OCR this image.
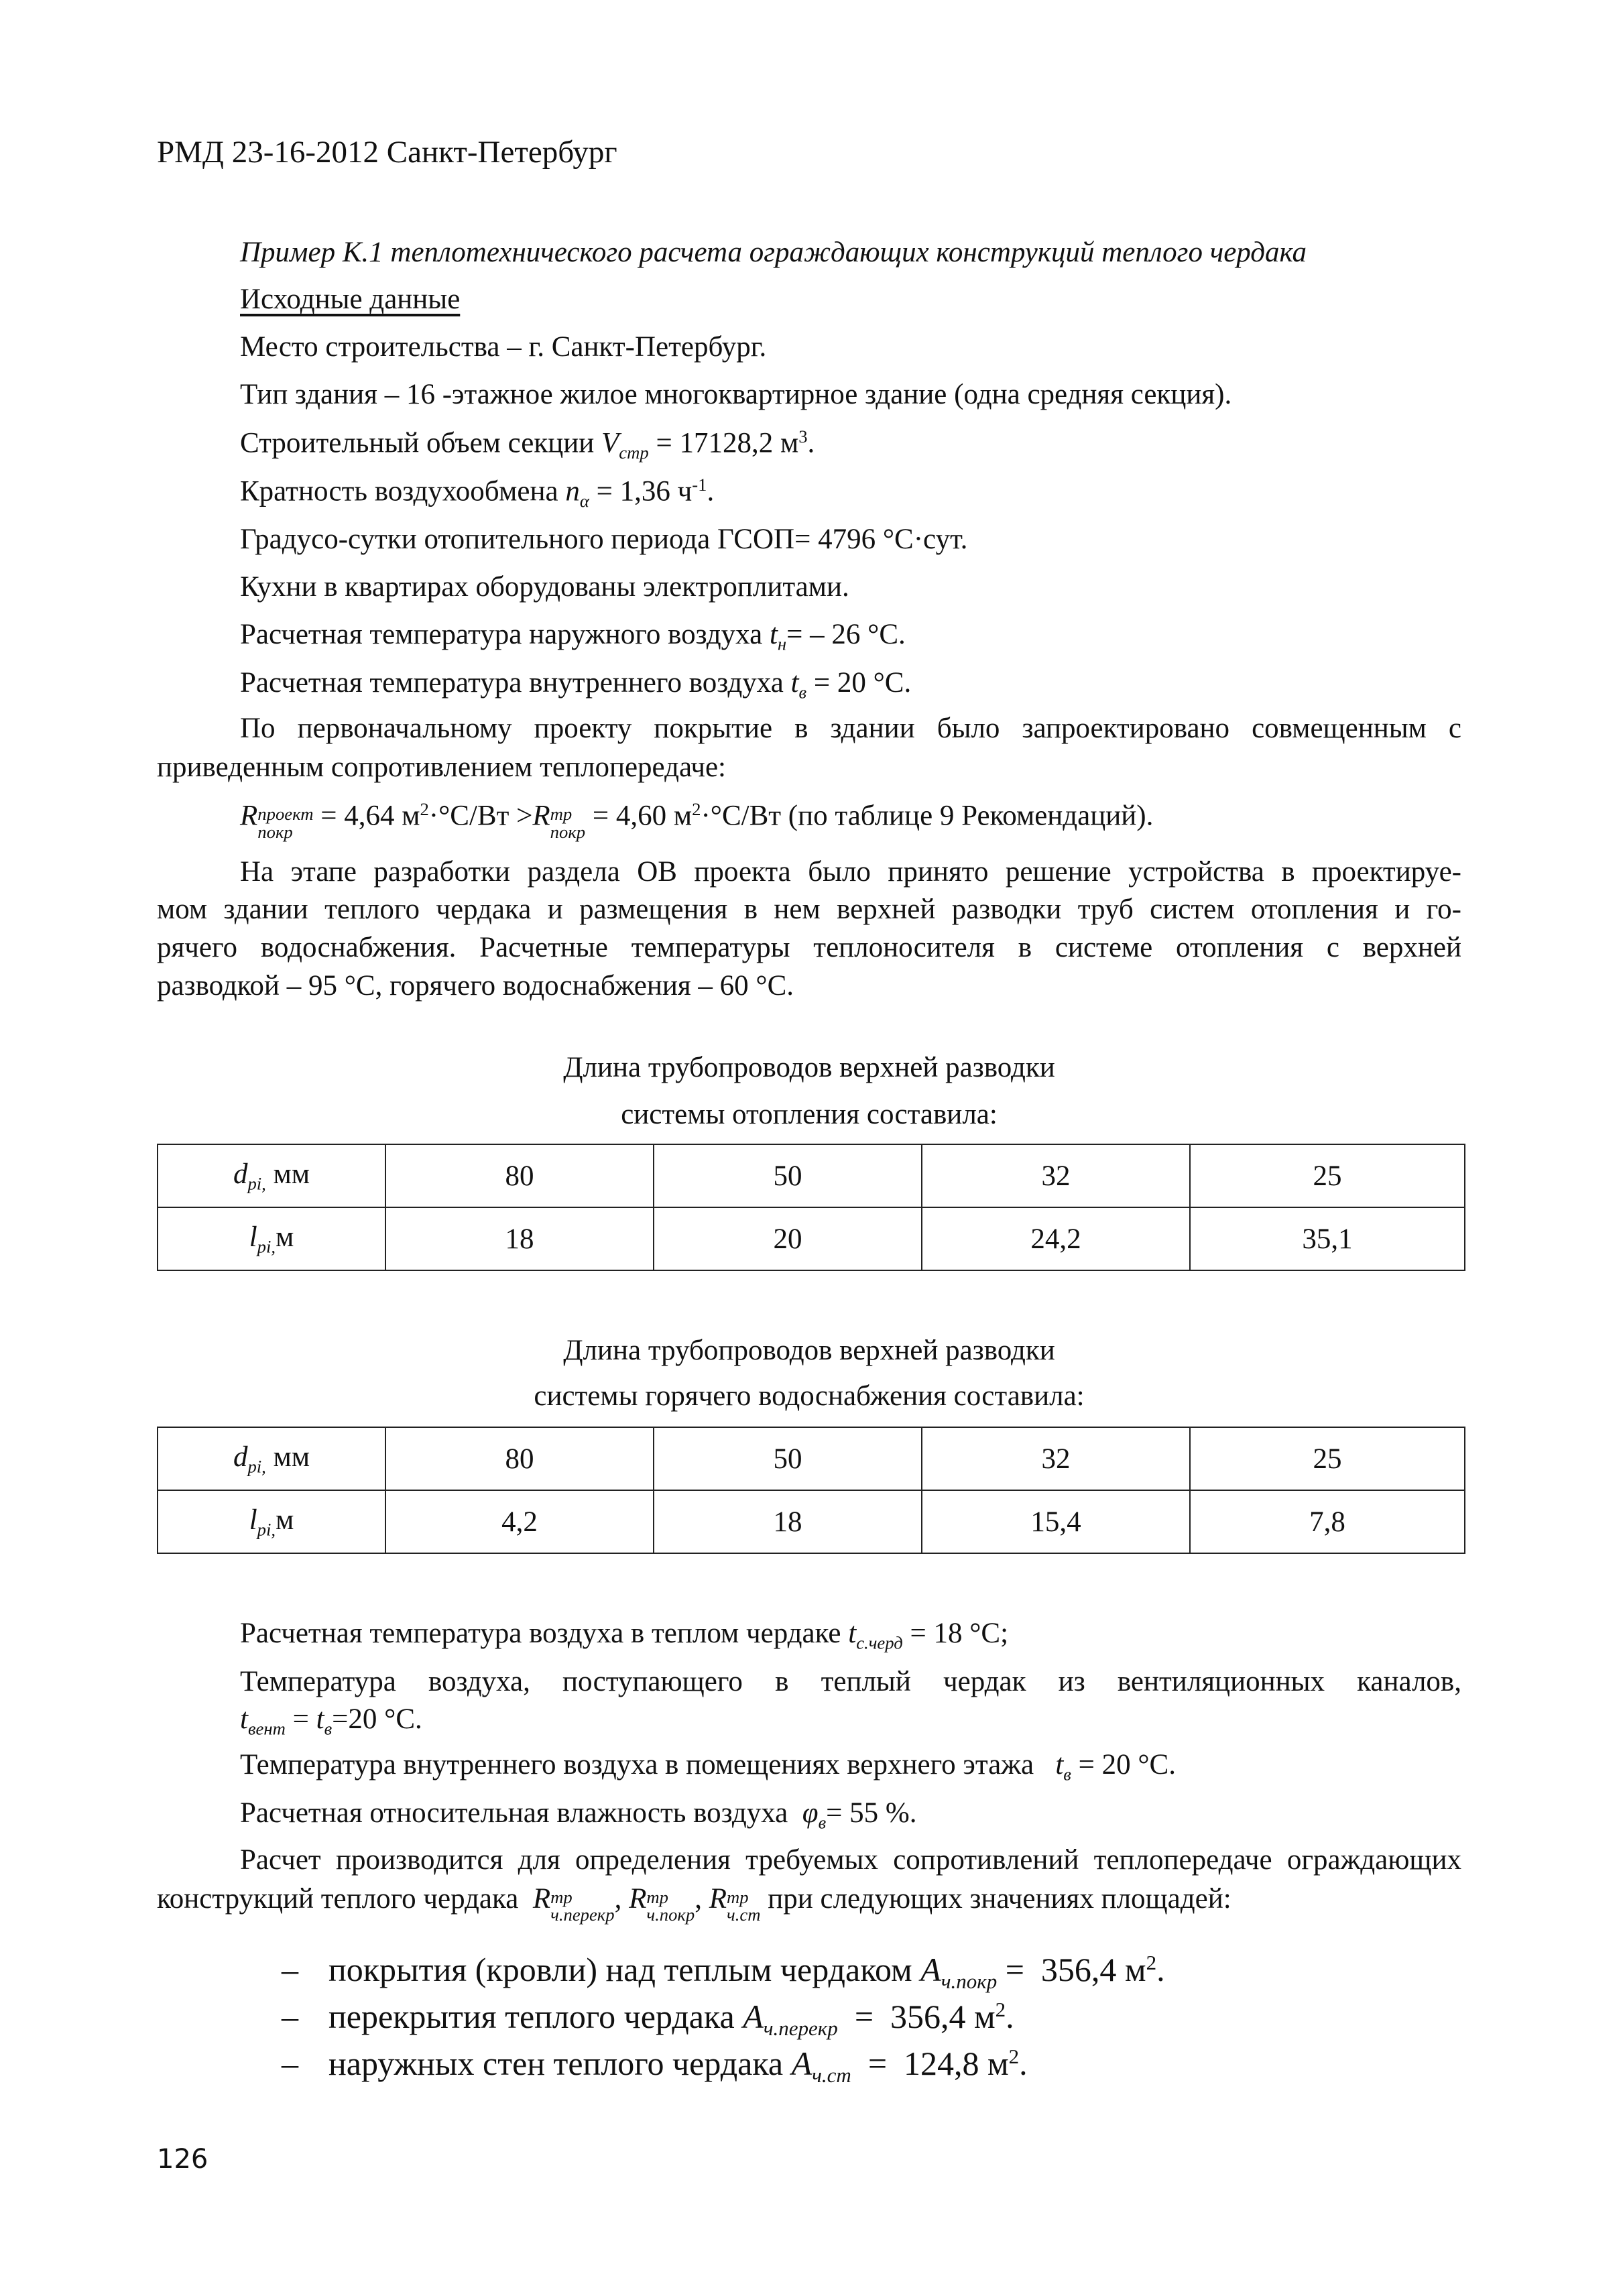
РМД 23-16-2012 Санкт-Петербург
Пример К.1 теплотехнического расчета ограждающих конструкций теплого чердака
Исходные данные
Место строительства – г. Санкт-Петербург.
Тип здания – 16 -этажное жилое многоквартирное здание (одна средняя секция).
Строительный объем секции $V_{стр} = 17128,2$ $м^3$.
Кратность воздухообмена $n_\alpha = 1,36$ $ч^{-1}$.
Градусо-сутки отопительного периода ГСОП= 4796 °С·сут.
Кухни в квартирах оборудованы электроплитами.
Расчетная температура наружного воздуха $t_н= - 26$ °С.
Расчетная температура внутреннего воздуха $t_в = 20$ °С.
По первоначальному проекту покрытие в здании было запроектировано совмещенным с
приведенным сопротивлением теплопередаче:
R проект
покр
= 4,64 $м^2\cdot^\circ С/Вт >R$ тр
покр
= 4,60 $м^2\cdot^\circ С/Вт$ (по таблице 9 Рекомендаций).
На этапе разработки раздела ОВ проекта было принято решение устройства в проектируе-
мом здании теплого чердака и размещения в нем верхней разводки труб систем отопления и го-
рячего водоснабжения. Расчетные температуры теплоносителя в системе отопления с верхней
разводкой – 95 °С, горячего водоснабжения – 60 °С.
Длина трубопроводов верхней разводки
системы отопления составила:
$d_{pi,}$ мм	80	50	32	25
$l_{pi,}м$	18	20	24,2	35,1
Длина трубопроводов верхней разводки
системы горячего водоснабжения составила:
$d_{pi,}$ мм	80	50	32	25
$l_{pi,}м$	4,2	18	15,4	7,8
Расчетная температура воздуха в теплом чердаке $t_{с.черд} = 18$ °С;
Температура воздуха, поступающего в теплый чердак из вентиляционных каналов,
$t_{вент} = t_в=20$ °С.
Температура внутреннего воздуха в помещениях верхнего этажа   $t_в = 20$ °С.
Расчетная относительная влажность воздуха  $\varphi_в= 55$ %.
Расчет производится для определения требуемых сопротивлений теплопередаче ограждающих
конструкций теплого чердака  R тр
ч.перекр
, R тр
ч.покр
, R тр
ч.ст
при следующих значениях площадей:
– покрытия (кровли) над теплым чердаком $A_{ч.покр} = 356,4$ $м^2$.
– перекрытия теплого чердака $A_{ч.перекр} = 356,4$ $м^2$.
– наружных стен теплого чердака $A_{ч.ст} = 124,8$ $м^2$.
126
